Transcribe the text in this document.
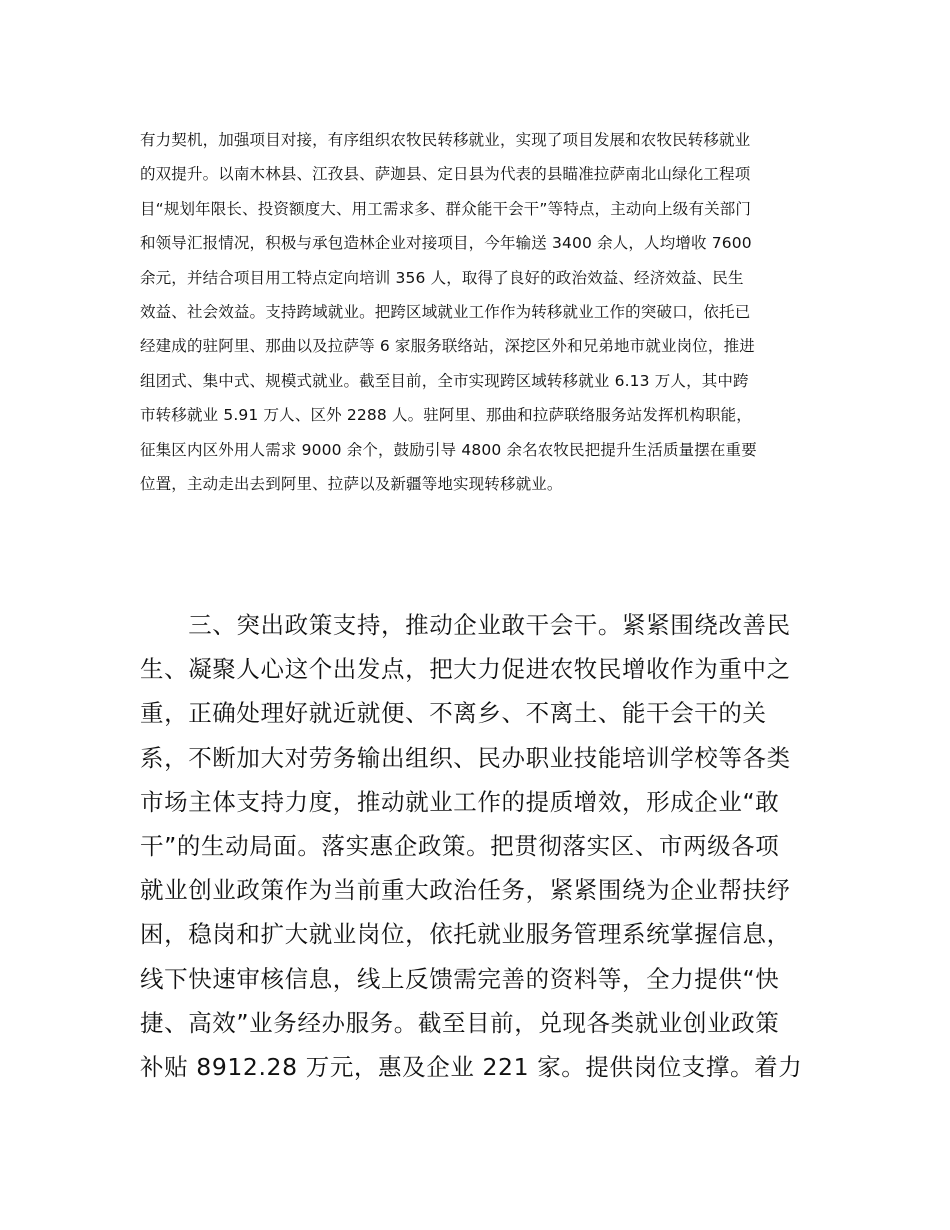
有力契机，加强项目对接，有序组织农牧民转移就业，实现了项目发展和农牧民转移就业
的双提升。以南木林县、江孜县、萨迦县、定日县为代表的县瞄准拉萨南北山绿化工程项
目“规划年限长、投资额度大、用工需求多、群众能干会干”等特点，主动向上级有关部门
和领导汇报情况，积极与承包造林企业对接项目，今年输送 3400 余人，人均增收 7600
余元，并结合项目用工特点定向培训 356 人，取得了良好的政治效益、经济效益、民生
效益、社会效益。支持跨域就业。把跨区域就业工作作为转移就业工作的突破口，依托已
经建成的驻阿里、那曲以及拉萨等 6 家服务联络站，深挖区外和兄弟地市就业岗位，推进
组团式、集中式、规模式就业。截至目前，全市实现跨区域转移就业 6.13 万人，其中跨
市转移就业 5.91 万人、区外 2288 人。驻阿里、那曲和拉萨联络服务站发挥机构职能，
征集区内区外用人需求 9000 余个，鼓励引导 4800 余名农牧民把提升生活质量摆在重要
位置，主动走出去到阿里、拉萨以及新疆等地实现转移就业。
　　三、突出政策支持，推动企业敢干会干。紧紧围绕改善民
生、凝聚人心这个出发点，把大力促进农牧民增收作为重中之
重，正确处理好就近就便、不离乡、不离土、能干会干的关
系，不断加大对劳务输出组织、民办职业技能培训学校等各类
市场主体支持力度，推动就业工作的提质增效，形成企业“敢
干”的生动局面。落实惠企政策。把贯彻落实区、市两级各项
就业创业政策作为当前重大政治任务，紧紧围绕为企业帮扶纾
困，稳岗和扩大就业岗位，依托就业服务管理系统掌握信息，
线下快速审核信息，线上反馈需完善的资料等，全力提供“快
捷、高效”业务经办服务。截至目前，兑现各类就业创业政策
补贴 8912.28 万元，惠及企业 221 家。提供岗位支撑。着力
